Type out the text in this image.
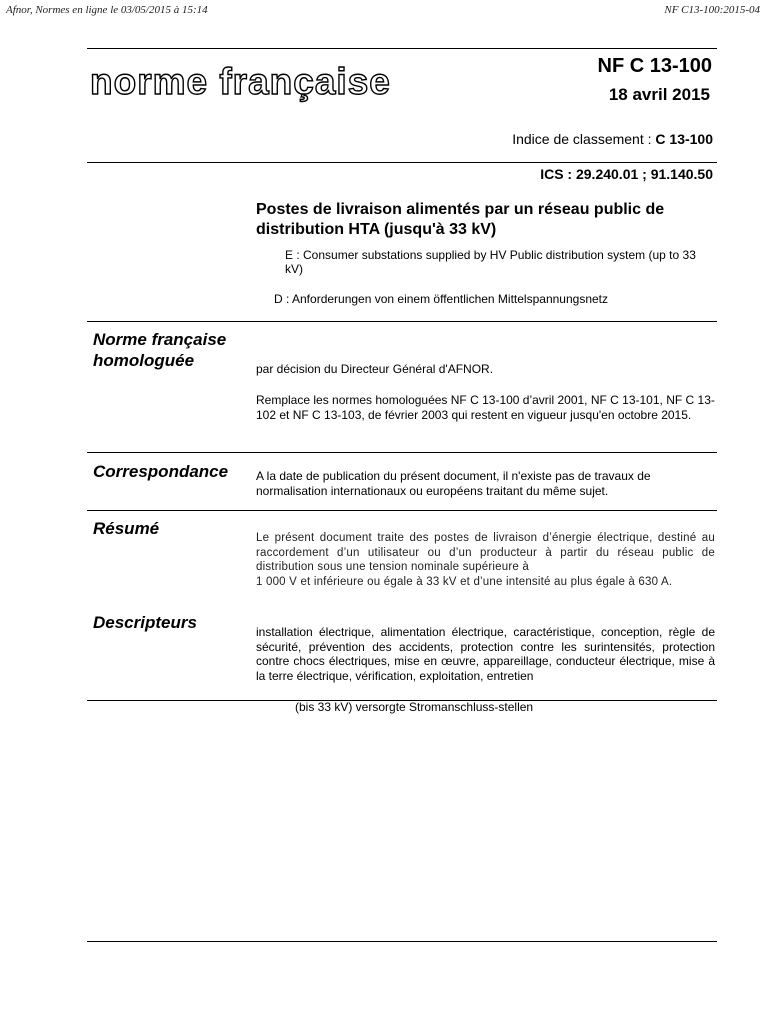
Afnor, Normes en ligne le 03/05/2015 à 15:14	NF C13-100:2015-04
norme française	NF C 13-100
18 avril 2015
Indice de classement : C 13-100
ICS : 29.240.01 ; 91.140.50
Postes de livraison alimentés par un réseau public de distribution HTA (jusqu'à 33 kV)
E : Consumer substations supplied by HV Public distribution system (up to 33 kV)
D : Anforderungen von einem öffentlichen Mittelspannungsnetz
Norme française homologuée	par décision du Directeur Général d'AFNOR.
Remplace les normes homologuées NF C 13-100 d’avril 2001, NF C 13-101, NF C 13-102 et NF C 13-103, de février 2003 qui restent en vigueur jusqu'en octobre 2015.
Correspondance A la date de publication du présent document, il n'existe pas de travaux de normalisation internationaux ou européens traitant du même sujet.
Résumé	Le présent document traite des postes de livraison d’énergie électrique, destiné au raccordement d’un utilisateur ou d’un producteur à partir du réseau public de distribution sous une tension nominale supérieure à
1 000 V et inférieure ou égale à 33 kV et d’une intensité au plus égale à 630 A.
Descripteurs	installation électrique, alimentation électrique, caractéristique, conception, règle de sécurité, prévention des accidents, protection contre les surintensités, protection contre chocs électriques, mise en œuvre, appareillage, conducteur électrique, mise à la terre électrique, vérification, exploitation, entretien
(bis 33 kV) versorgte Stromanschluss-stellen
